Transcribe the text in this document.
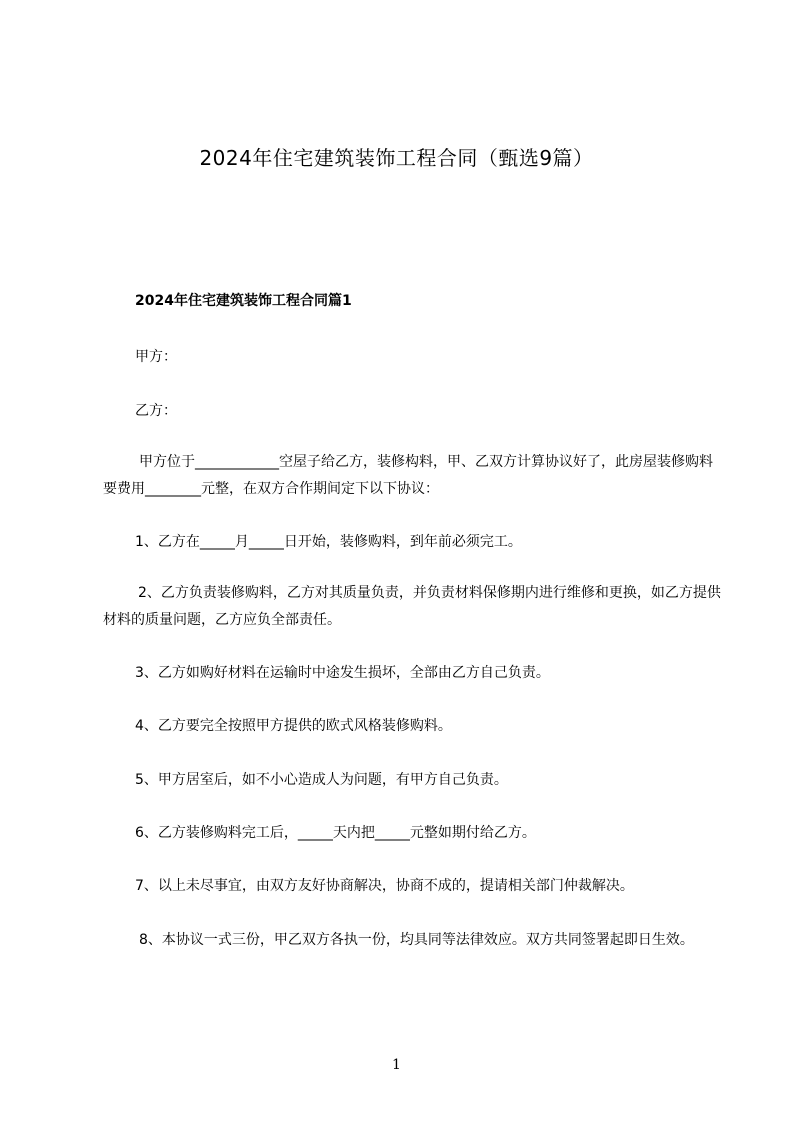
2024年住宅建筑装饰工程合同（甄选9篇）
2024年住宅建筑装饰工程合同篇1
甲方：
乙方：
甲方位于____________空屋子给乙方，装修构料，甲、乙双方计算协议好了，此房屋装修购料要费用________元整，在双方合作期间定下以下协议：
1、乙方在_____月_____日开始，装修购料，到年前必须完工。
2、乙方负责装修购料，乙方对其质量负责，并负责材料保修期内进行维修和更换，如乙方提供材料的质量问题，乙方应负全部责任。
3、乙方如购好材料在运输时中途发生损坏，全部由乙方自己负责。
4、乙方要完全按照甲方提供的欧式风格装修购料。
5、甲方居室后，如不小心造成人为问题，有甲方自己负责。
6、乙方装修购料完工后，_____天内把_____元整如期付给乙方。
7、以上未尽事宜，由双方友好协商解决，协商不成的，提请相关部门仲裁解决。
8、本协议一式三份，甲乙双方各执一份，均具同等法律效应。双方共同签署起即日生效。
1
